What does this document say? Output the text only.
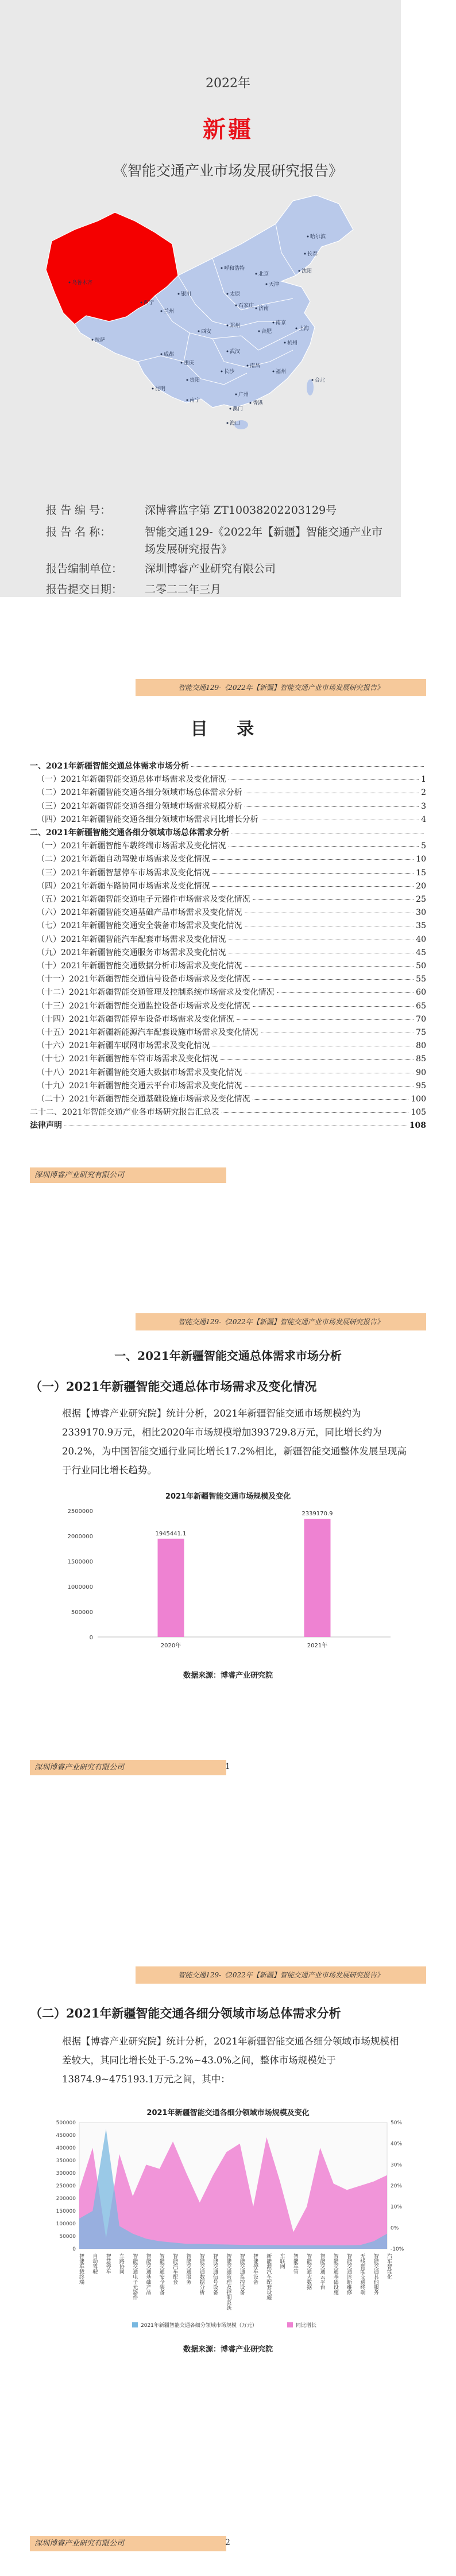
2022年
新疆
《智能交通产业市场发展研究报告》
乌鲁木齐
哈尔滨
长春
沈阳
北京
天津
呼和浩特
银川	太原
石家庄 济南
兰州
西宁
西安
郑州
合肥
南京
上海
杭州
成都
重庆
武汉
拉萨
贵阳
长沙
南昌
福州
昆明
南宁
广州
台北
澳门
香港
海口
报 告 编 号：	深博睿监字第 ZT10038202203129号
报 告 名 称：	智能交通129-《2022年【新疆】智能交通产业市场发展研究报告》
报告编制单位：	深圳博睿产业研究有限公司
报告提交日期：	二零二二年三月
智能交通129-《2022年【新疆】智能交通产业市场发展研究报告》
目 录
一、2021年新疆智能交通总体需求市场分析
（一）2021年新疆智能交通总体市场需求及变化情况	1
（二）2021年新疆智能交通各细分领域市场总体需求分析	2
（三）2021年新疆智能交通各细分领域市场需求规模分析	3
（四）2021年新疆智能交通各细分领域市场需求同比增长分析	4
二、2021年新疆智能交通各细分领域市场总体需求分析
（一）2021年新疆智能车载终端市场需求及变化情况	5
（二）2021年新疆自动驾驶市场需求及变化情况	10
（三）2021年新疆智慧停车市场需求及变化情况	15
（四）2021年新疆车路协同市场需求及变化情况	20
（五）2021年新疆智能交通电子元器件市场需求及变化情况	25
（六）2021年新疆智能交通基础产品市场需求及变化情况	30
（七）2021年新疆智能交通安全装备市场需求及变化情况	35
（八）2021年新疆智能汽车配套市场需求及变化情况	40
（九）2021年新疆智能交通服务市场需求及变化情况	45
（十）2021年新疆智能交通数据分析市场需求及变化情况	50
（十一）2021年新疆智能交通信号设备市场需求及变化情况	55
（十二）2021年新疆智能交通管理及控制系统市场需求及变化情况	60
（十三）2021年新疆智能交通监控设备市场需求及变化情况	65
（十四）2021年新疆智能停车设备市场需求及变化情况	70
（十五）2021年新疆新能源汽车配套设施市场需求及变化情况	75
（十六）2021年新疆车联网市场需求及变化情况	80
（十七）2021年新疆智能车管市场需求及变化情况	85
（十八）2021年新疆智能交通大数据市场需求及变化情况	90
（十九）2021年新疆智能交通云平台市场需求及变化情况	95
（二十）2021年新疆智能交通基础设施市场需求及变化情况	100
二十二、2021年智能交通产业各市场研究报告汇总表	105
法律声明	108
深圳博睿产业研究有限公司
智能交通129-《2022年【新疆】智能交通产业市场发展研究报告》
一、2021年新疆智能交通总体需求市场分析
（一）2021年新疆智能交通总体市场需求及变化情况
根据【博睿产业研究院】统计分析，2021年新疆智能交通市场规模约为2339170.9万元，相比2020年市场规模增加393729.8万元，同比增长约为20.2%，为中国智能交通行业同比增长17.2%相比，新疆智能交通整体发展呈现高于行业同比增长趋势。
2021年新疆智能交通市场规模及变化
0
500000
1000000
1500000
2000000
2500000
1945441.1
2020年
2339170.9
2021年
数据来源：博睿产业研究院
深圳博睿产业研究有限公司	1
智能交通129-《2022年【新疆】智能交通产业市场发展研究报告》
（二）2021年新疆智能交通各细分领域市场总体需求分析
根据【博睿产业研究院】统计分析，2021年新疆智能交通各细分领域市场规模相差较大，其同比增长处于-5.2%~43.0%之间，整体市场规模处于13874.9~475193.1万元之间，其中：
2021年新疆智能交通各细分领域市场规模及变化
0
50000
100000
150000
200000
250000
300000
350000
400000
450000
500000
-10%
0%
10%
20%
30%
40%
50%
智能车载终端 自动驾驶 智慧停车 车路协同 智能交通电子元器件 智能交通基础产品 智能交通安全装备 智能汽车配套 智能交通服务 智能交通数据分析 智能交通信号设备 智能交通管理及控制系统 智能交通监控设备 智能停车设备 新能源汽车配套设施 车联网 智能车管 智能交通大数据 智能交通云平台 智能交通基础设施 智能交通诊断维修 无线智能交通终端 智能交通其他服务 汽车智能化
2021年新疆智能交通各细分领域市场规模（万元）	同比增长
数据来源：博睿产业研究院
深圳博睿产业研究有限公司	2
